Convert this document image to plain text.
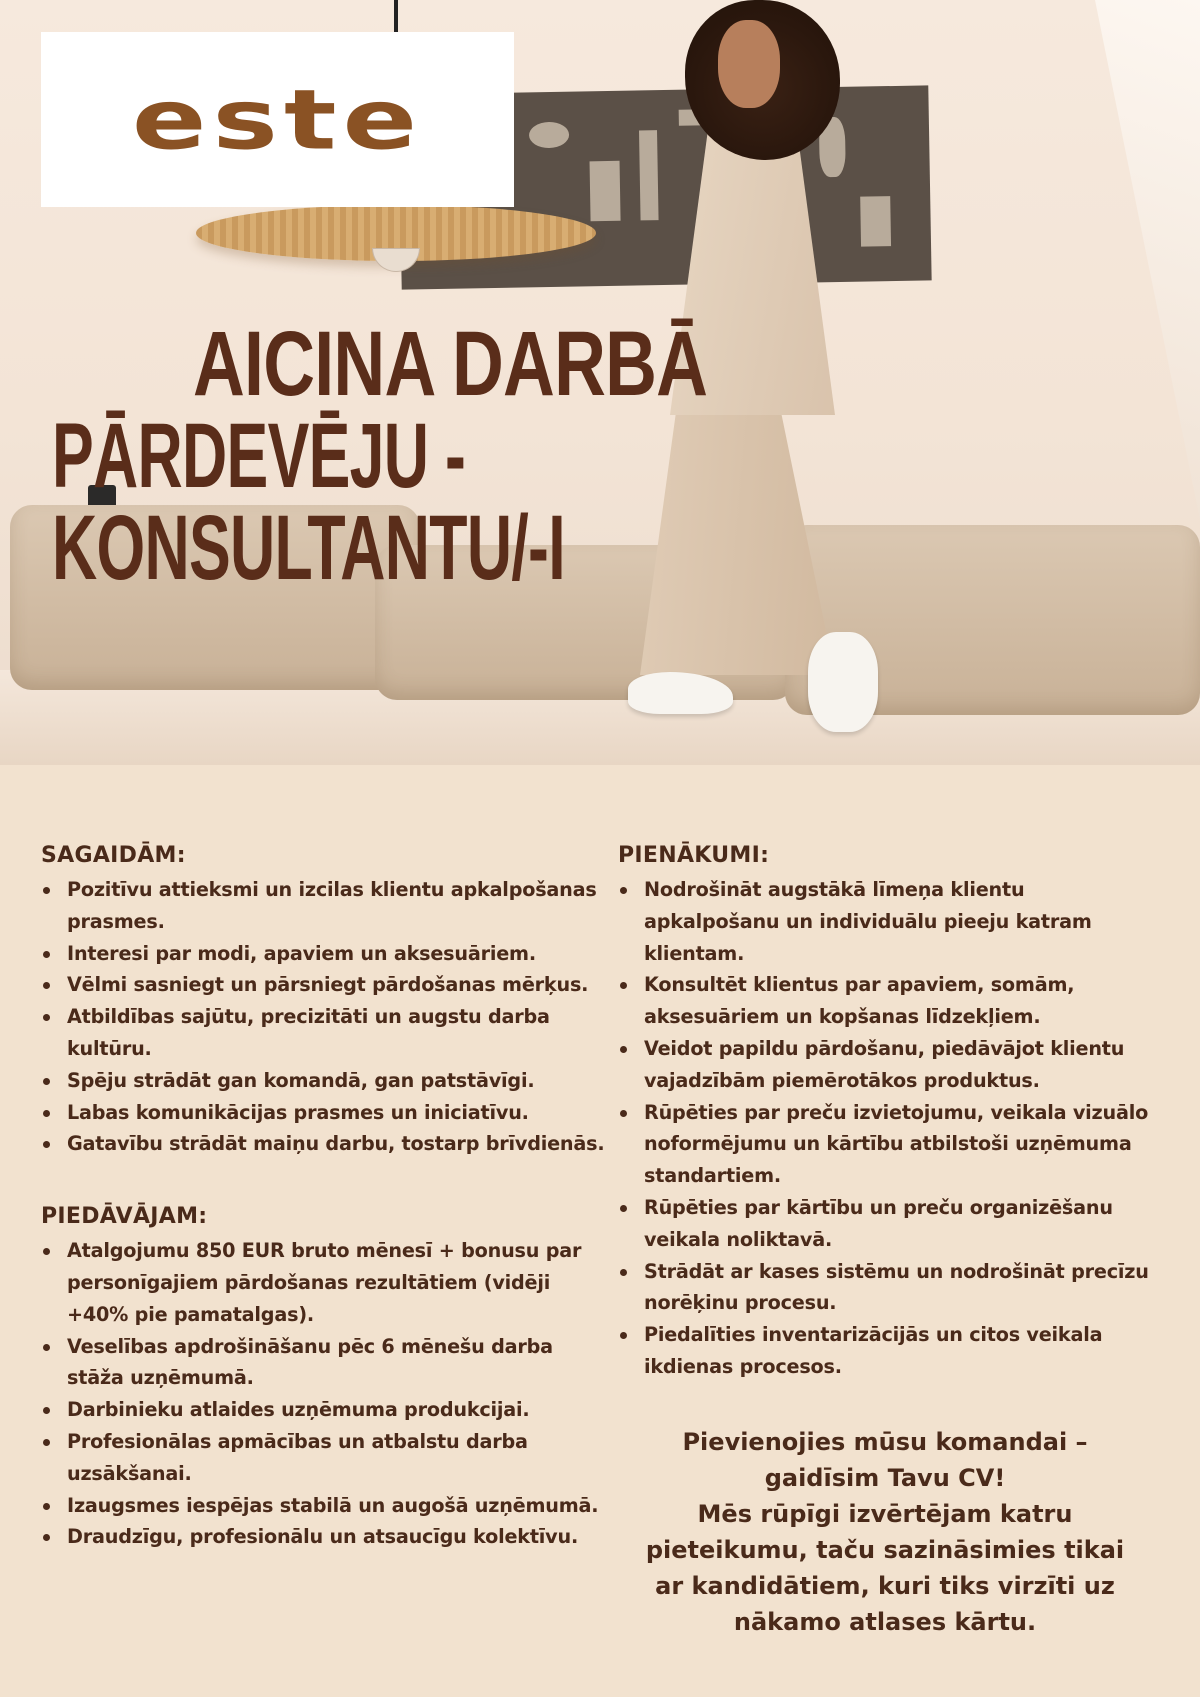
este
AICINA DARBĀ
PĀRDEVĒJU - KONSULTANTU/-I
SAGAIDĀM:
Pozitīvu attieksmi un izcilas klientu apkalpošanas prasmes.
Interesi par modi, apaviem un aksesuāriem.
Vēlmi sasniegt un pārsniegt pārdošanas mērķus.
Atbildības sajūtu, precizitāti un augstu darba kultūru.
Spēju strādāt gan komandā, gan patstāvīgi.
Labas komunikācijas prasmes un iniciatīvu.
Gatavību strādāt maiņu darbu, tostarp brīvdienās.
PIEDĀVĀJAM:
Atalgojumu 850 EUR bruto mēnesī + bonusu par personīgajiem pārdošanas rezultātiem (vidēji +40% pie pamatalgas).
Veselības apdrošināšanu pēc 6 mēnešu darba stāža uzņēmumā.
Darbinieku atlaides uzņēmuma produkcijai.
Profesionālas apmācības un atbalstu darba uzsākšanai.
Izaugsmes iespējas stabilā un augošā uzņēmumā.
Draudzīgu, profesionālu un atsaucīgu kolektīvu.
PIENĀKUMI:
Nodrošināt augstākā līmeņa klientu apkalpošanu un individuālu pieeju katram klientam.
Konsultēt klientus par apaviem, somām, aksesuāriem un kopšanas līdzekļiem.
Veidot papildu pārdošanu, piedāvājot klientu vajadzībām piemērotākos produktus.
Rūpēties par preču izvietojumu, veikala vizuālo noformējumu un kārtību atbilstoši uzņēmuma standartiem.
Rūpēties par kārtību un preču organizēšanu veikala noliktavā.
Strādāt ar kases sistēmu un nodrošināt precīzu norēķinu procesu.
Piedalīties inventarizācijās un citos veikala ikdienas procesos.
Pievienojies mūsu komandai –
gaidīsim Tavu CV!
Mēs rūpīgi izvērtējam katru
pieteikumu, taču sazināsimies tikai
ar kandidātiem, kuri tiks virzīti uz
nākamo atlases kārtu.
